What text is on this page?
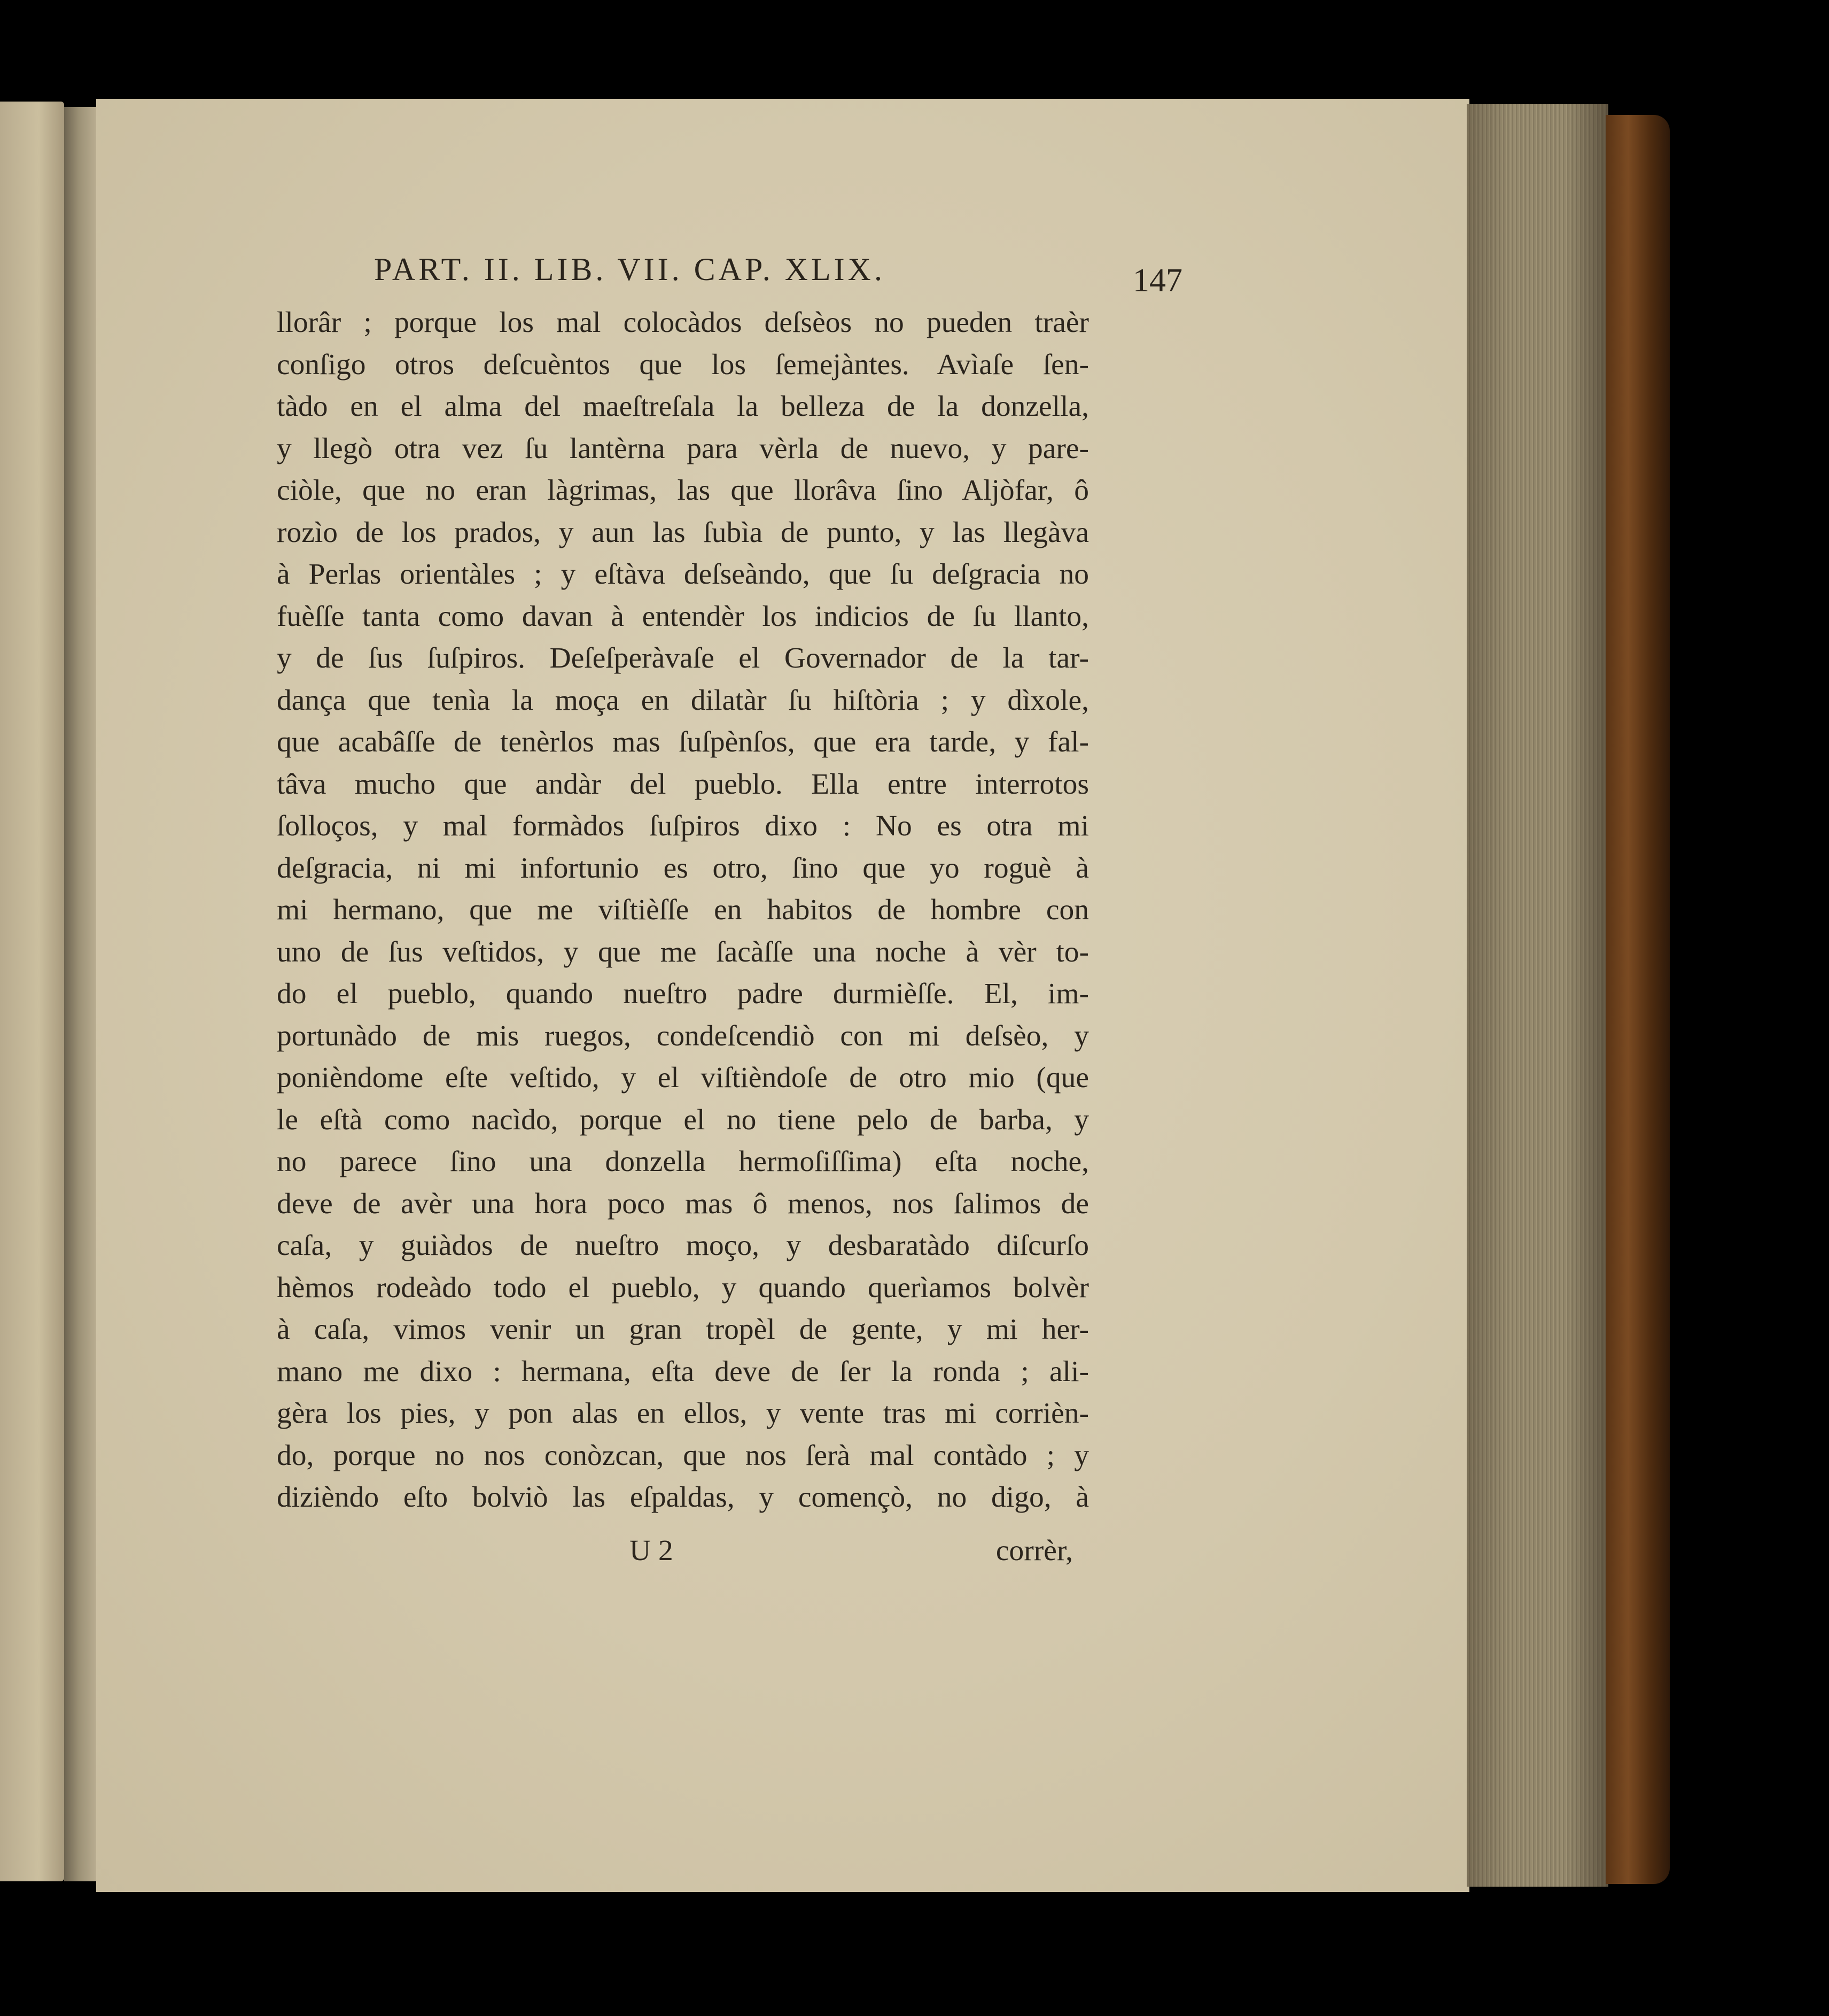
PART. II. LIB. VII. CAP. XLIX.	147
llorâr ; porque los mal colocàdos deſsèos no pueden traèr
conſigo otros deſcuèntos que los ſemejàntes. Avìaſe ſen-
tàdo en el alma del maeſtreſala la belleza de la donzella,
y llegò otra vez ſu lantèrna para vèrla de nuevo, y pare-
ciòle, que no eran làgrimas, las que llorâva ſino Aljòfar, ô
rozìo de los prados, y aun las ſubìa de punto, y las llegàva
à Perlas orientàles ; y eſtàva deſseàndo, que ſu deſgracia no
fuèſſe tanta como davan à entendèr los indicios de ſu llanto,
y de ſus ſuſpiros. Deſeſperàvaſe el Governador de la tar-
dança que tenìa la moça en dilatàr ſu hiſtòria ; y dìxole,
que acabâſſe de tenèrlos mas ſuſpènſos, que era tarde, y fal-
tâva mucho que andàr del pueblo. Ella entre interrotos
ſolloços, y mal formàdos ſuſpiros dixo : No es otra mi
deſgracia, ni mi infortunio es otro, ſino que yo roguè à
mi hermano, que me viſtièſſe en habitos de hombre con
uno de ſus veſtidos, y que me ſacàſſe una noche à vèr to-
do el pueblo, quando nueſtro padre durmièſſe. El, im-
portunàdo de mis ruegos, condeſcendiò con mi deſsèo, y
ponièndome eſte veſtido, y el viſtièndoſe de otro mio (que
le eſtà como nacìdo, porque el no tiene pelo de barba, y
no parece ſino una donzella hermoſiſſima) eſta noche,
deve de avèr una hora poco mas ô menos, nos ſalimos de
caſa, y guiàdos de nueſtro moço, y desbaratàdo diſcurſo
hèmos rodeàdo todo el pueblo, y quando querìamos bolvèr
à caſa, vimos venir un gran tropèl de gente, y mi her-
mano me dixo : hermana, eſta deve de ſer la ronda ; ali-
gèra los pies, y pon alas en ellos, y vente tras mi corrièn-
do, porque no nos conòzcan, que nos ſerà mal contàdo ; y
dizièndo eſto bolviò las eſpaldas, y començò, no digo, à
U 2	corrèr,
